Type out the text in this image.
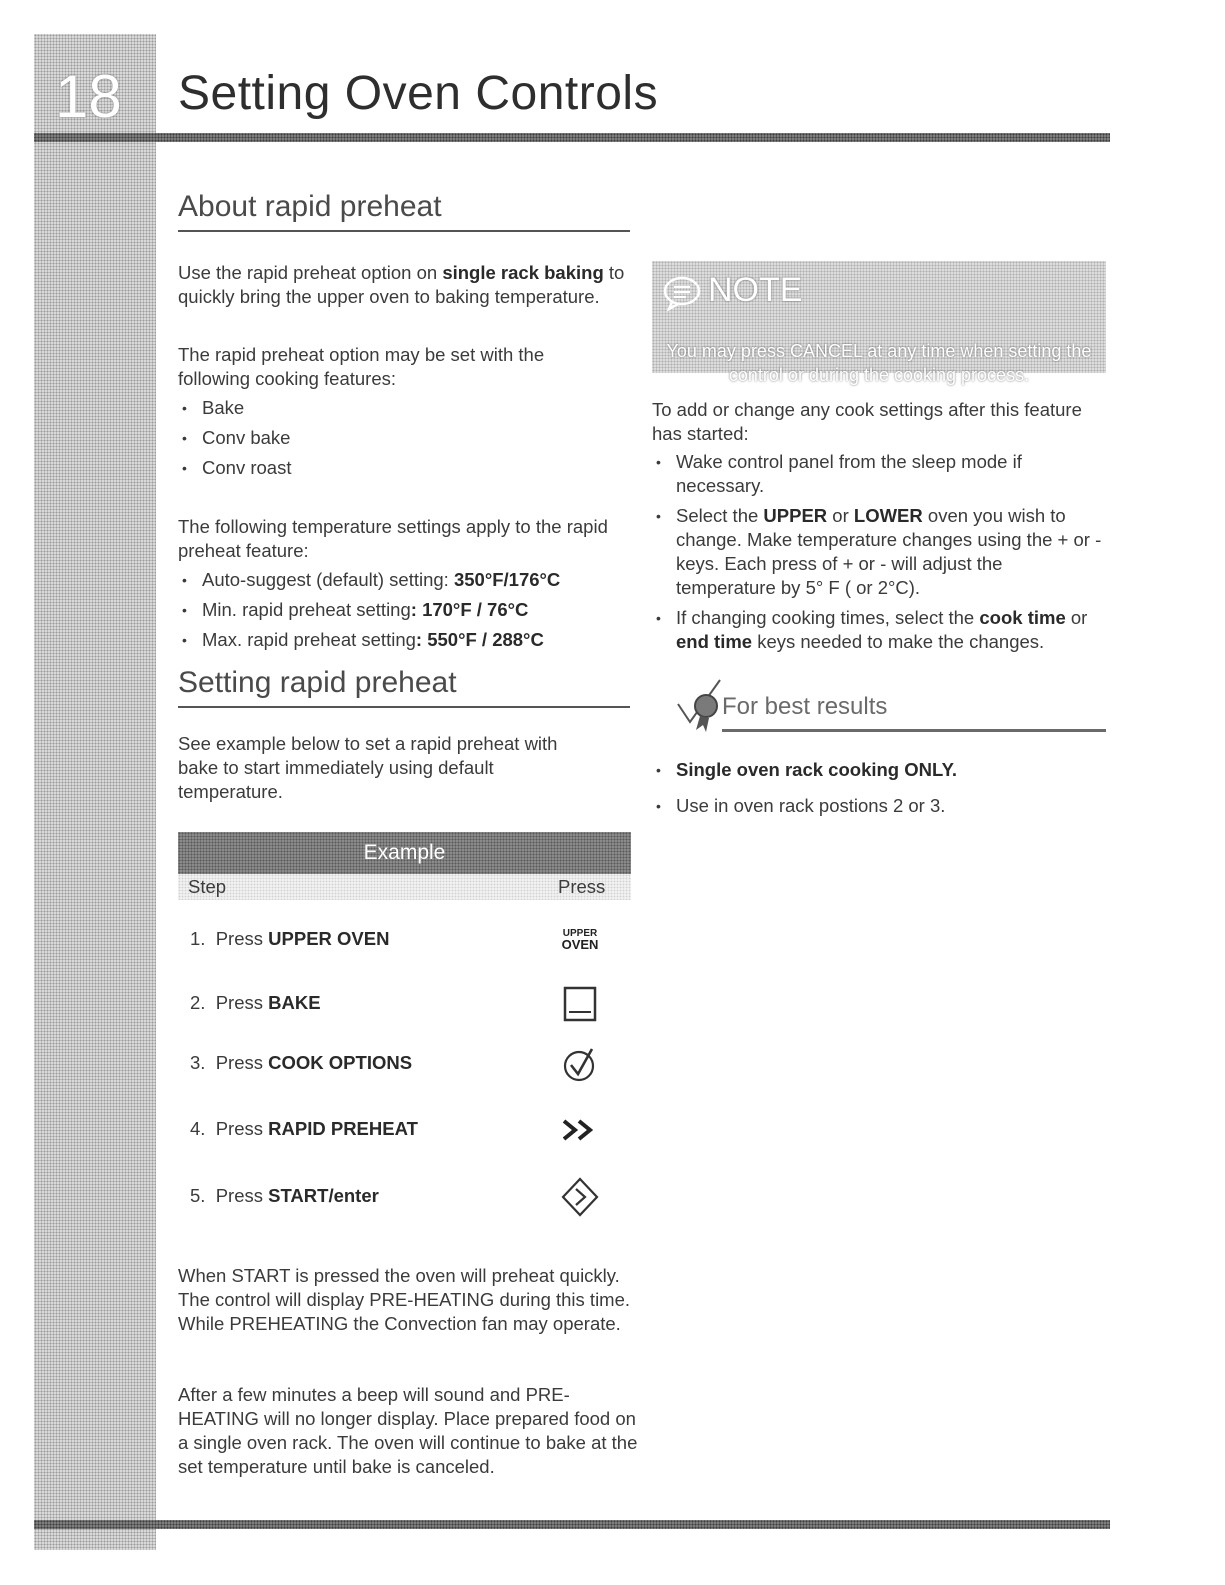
18	Setting Oven Controls
About rapid preheat

Use the rapid preheat option on single rack baking to quickly bring the upper oven to baking temperature.

The rapid preheat option may be set with the following cooking features:

• Bake
• Conv bake
• Conv roast

The following temperature settings apply to the rapid preheat feature:

• Auto-suggest (default) setting: 350°F/176°C
• Min. rapid preheat setting: 170°F / 76°C
• Max. rapid preheat setting: 550°F / 288°C
Setting rapid preheat

See example below to set a rapid preheat with bake to start immediately using default temperature.

Example
Step	Press
1. Press UPPER OVEN	UPPER
OVEN
2. Press BAKE
3. Press COOK OPTIONS
4. Press RAPID PREHEAT
5. Press START/enter

When START is pressed the oven will preheat quickly. The control will display PRE-HEATING during this time. While PREHEATING the Convection fan may operate.

After a few minutes a beep will sound and PRE-HEATING will no longer display. Place prepared food on a single oven rack. The oven will continue to bake at the set temperature until bake is canceled.

NOTE

You may press CANCEL at any time when setting the control or during the cooking process.

To add or change any cook settings after this feature has started:

• Wake control panel from the sleep mode if necessary.
• Select the UPPER or LOWER oven you wish to change. Make temperature changes using the + or - keys. Each press of + or - will adjust the temperature by 5° F ( or 2°C).
• If changing cooking times, select the cook time or end time keys needed to make the changes.
For best results
• Single oven rack cooking ONLY.
• Use in oven rack postions 2 or 3.
